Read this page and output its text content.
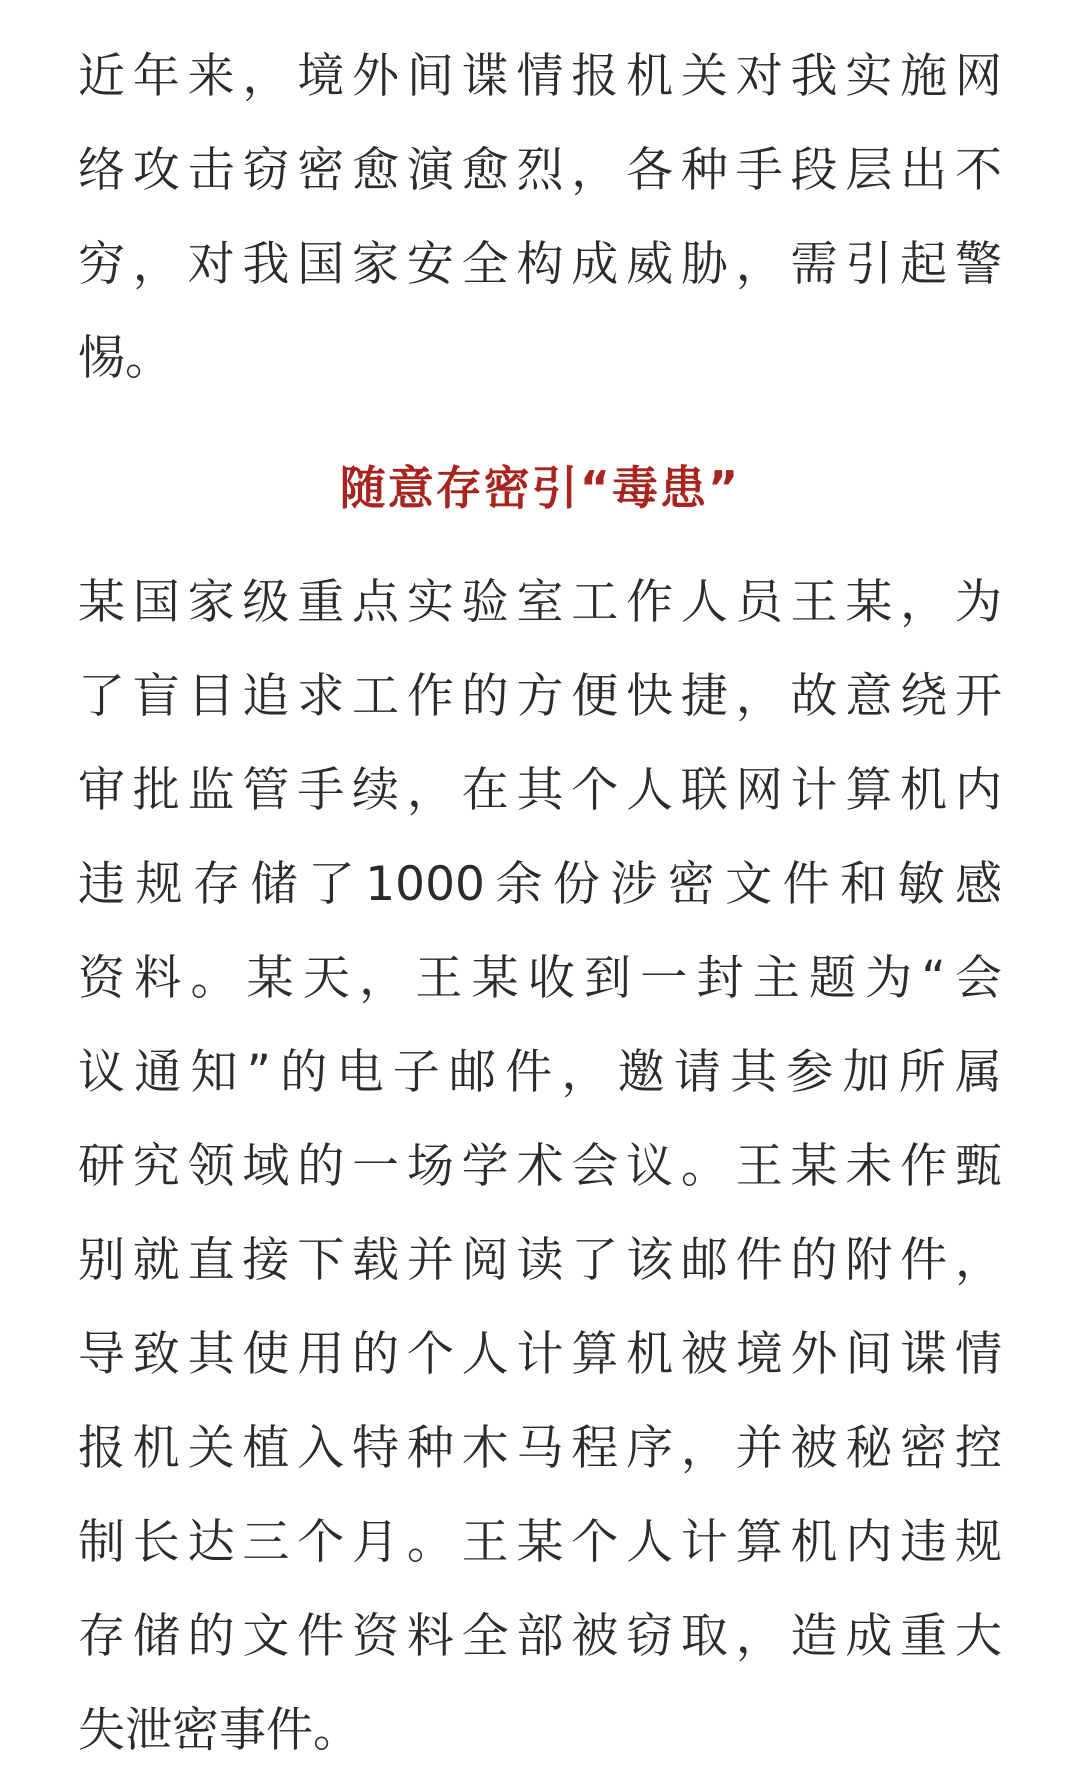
近年来，境外间谍情报机关对我实施网
络攻击窃密愈演愈烈，各种手段层出不
穷，对我国家安全构成威胁，需引起警
惕。
随意存密引“毒患”
某国家级重点实验室工作人员王某，为
了盲目追求工作的方便快捷，故意绕开
审批监管手续，在其个人联网计算机内
违规存储了1000余份涉密文件和敏感
资料。某天，王某收到一封主题为“会
议通知”的电子邮件，邀请其参加所属
研究领域的一场学术会议。王某未作甄
别就直接下载并阅读了该邮件的附件，
导致其使用的个人计算机被境外间谍情
报机关植入特种木马程序，并被秘密控
制长达三个月。王某个人计算机内违规
存储的文件资料全部被窃取，造成重大
失泄密事件。
